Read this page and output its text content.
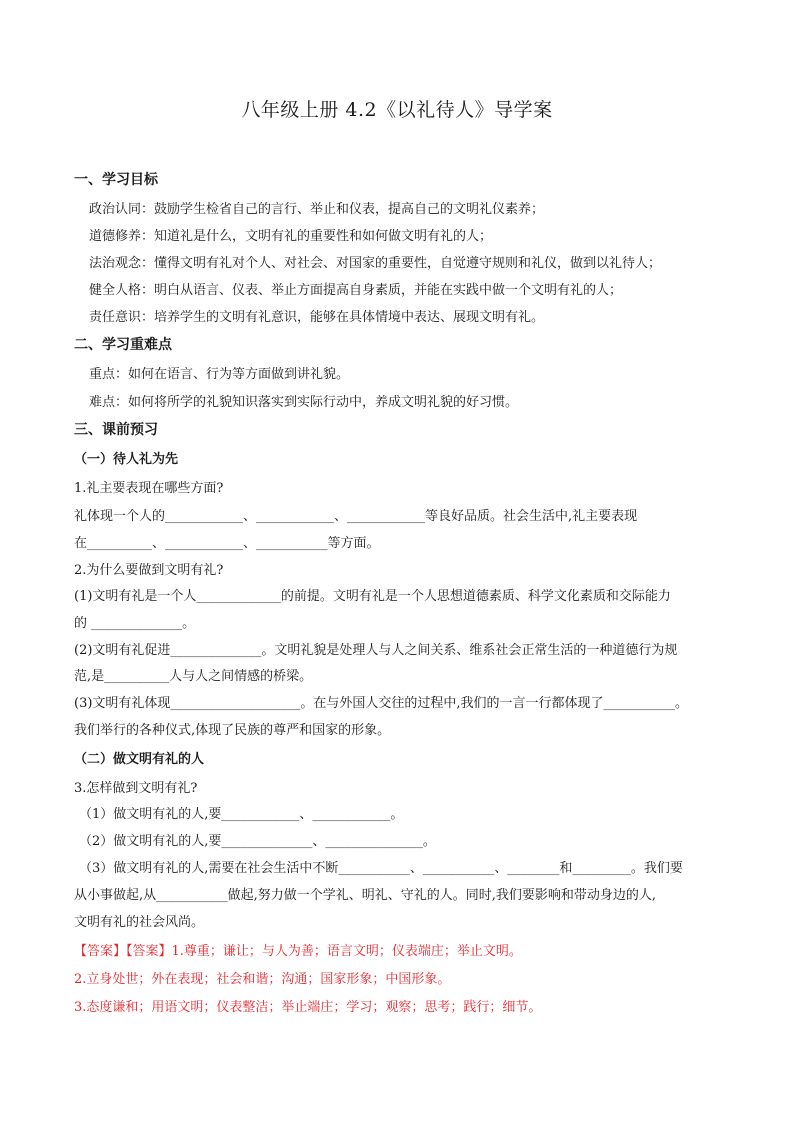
八年级上册 4.2《以礼待人》导学案
一、学习目标
政治认同：鼓励学生检省自己的言行、举止和仪表，提高自己的文明礼仪素养；
道德修养：知道礼是什么，文明有礼的重要性和如何做文明有礼的人；
法治观念：懂得文明有礼对个人、对社会、对国家的重要性，自觉遵守规则和礼仪，做到以礼待人；
健全人格：明白从语言、仪表、举止方面提高自身素质，并能在实践中做一个文明有礼的人；
责任意识：培养学生的文明有礼意识，能够在具体情境中表达、展现文明有礼。
二、学习重难点
重点：如何在语言、行为等方面做到讲礼貌。
难点：如何将所学的礼貌知识落实到实际行动中，养成文明礼貌的好习惯。
三、课前预习
（一）待人礼为先
1.礼主要表现在哪些方面?
礼体现一个人的____________、____________、____________等良好品质。社会生活中,礼主要表现
在__________、____________、___________等方面。
2.为什么要做到文明有礼?
(1)文明有礼是一个人_____________的前提。文明有礼是一个人思想道德素质、科学文化素质和交际能力
的 ______________。
(2)文明有礼促进______________。文明礼貌是处理人与人之间关系、维系社会正常生活的一种道德行为规
范,是__________人与人之间情感的桥梁。
(3)文明有礼体现____________________。在与外国人交往的过程中,我们的一言一行都体现了___________。
我们举行的各种仪式,体现了民族的尊严和国家的形象。
（二）做文明有礼的人
3.怎样做到文明有礼?
（1）做文明有礼的人,要____________、____________。
（2）做文明有礼的人,要______________、_______________。
（3）做文明有礼的人,需要在社会生活中不断___________、___________、________和_________。我们要
从小事做起,从___________做起,努力做一个学礼、明礼、守礼的人。同时,我们要影响和带动身边的人,
文明有礼的社会风尚。
【答案】【答案】1.尊重；谦让；与人为善；语言文明；仪表端庄；举止文明。
2.立身处世；外在表现；社会和谐；沟通；国家形象；中国形象。
3.态度谦和；用语文明；仪表整洁；举止端庄；学习；观察；思考；践行；细节。
